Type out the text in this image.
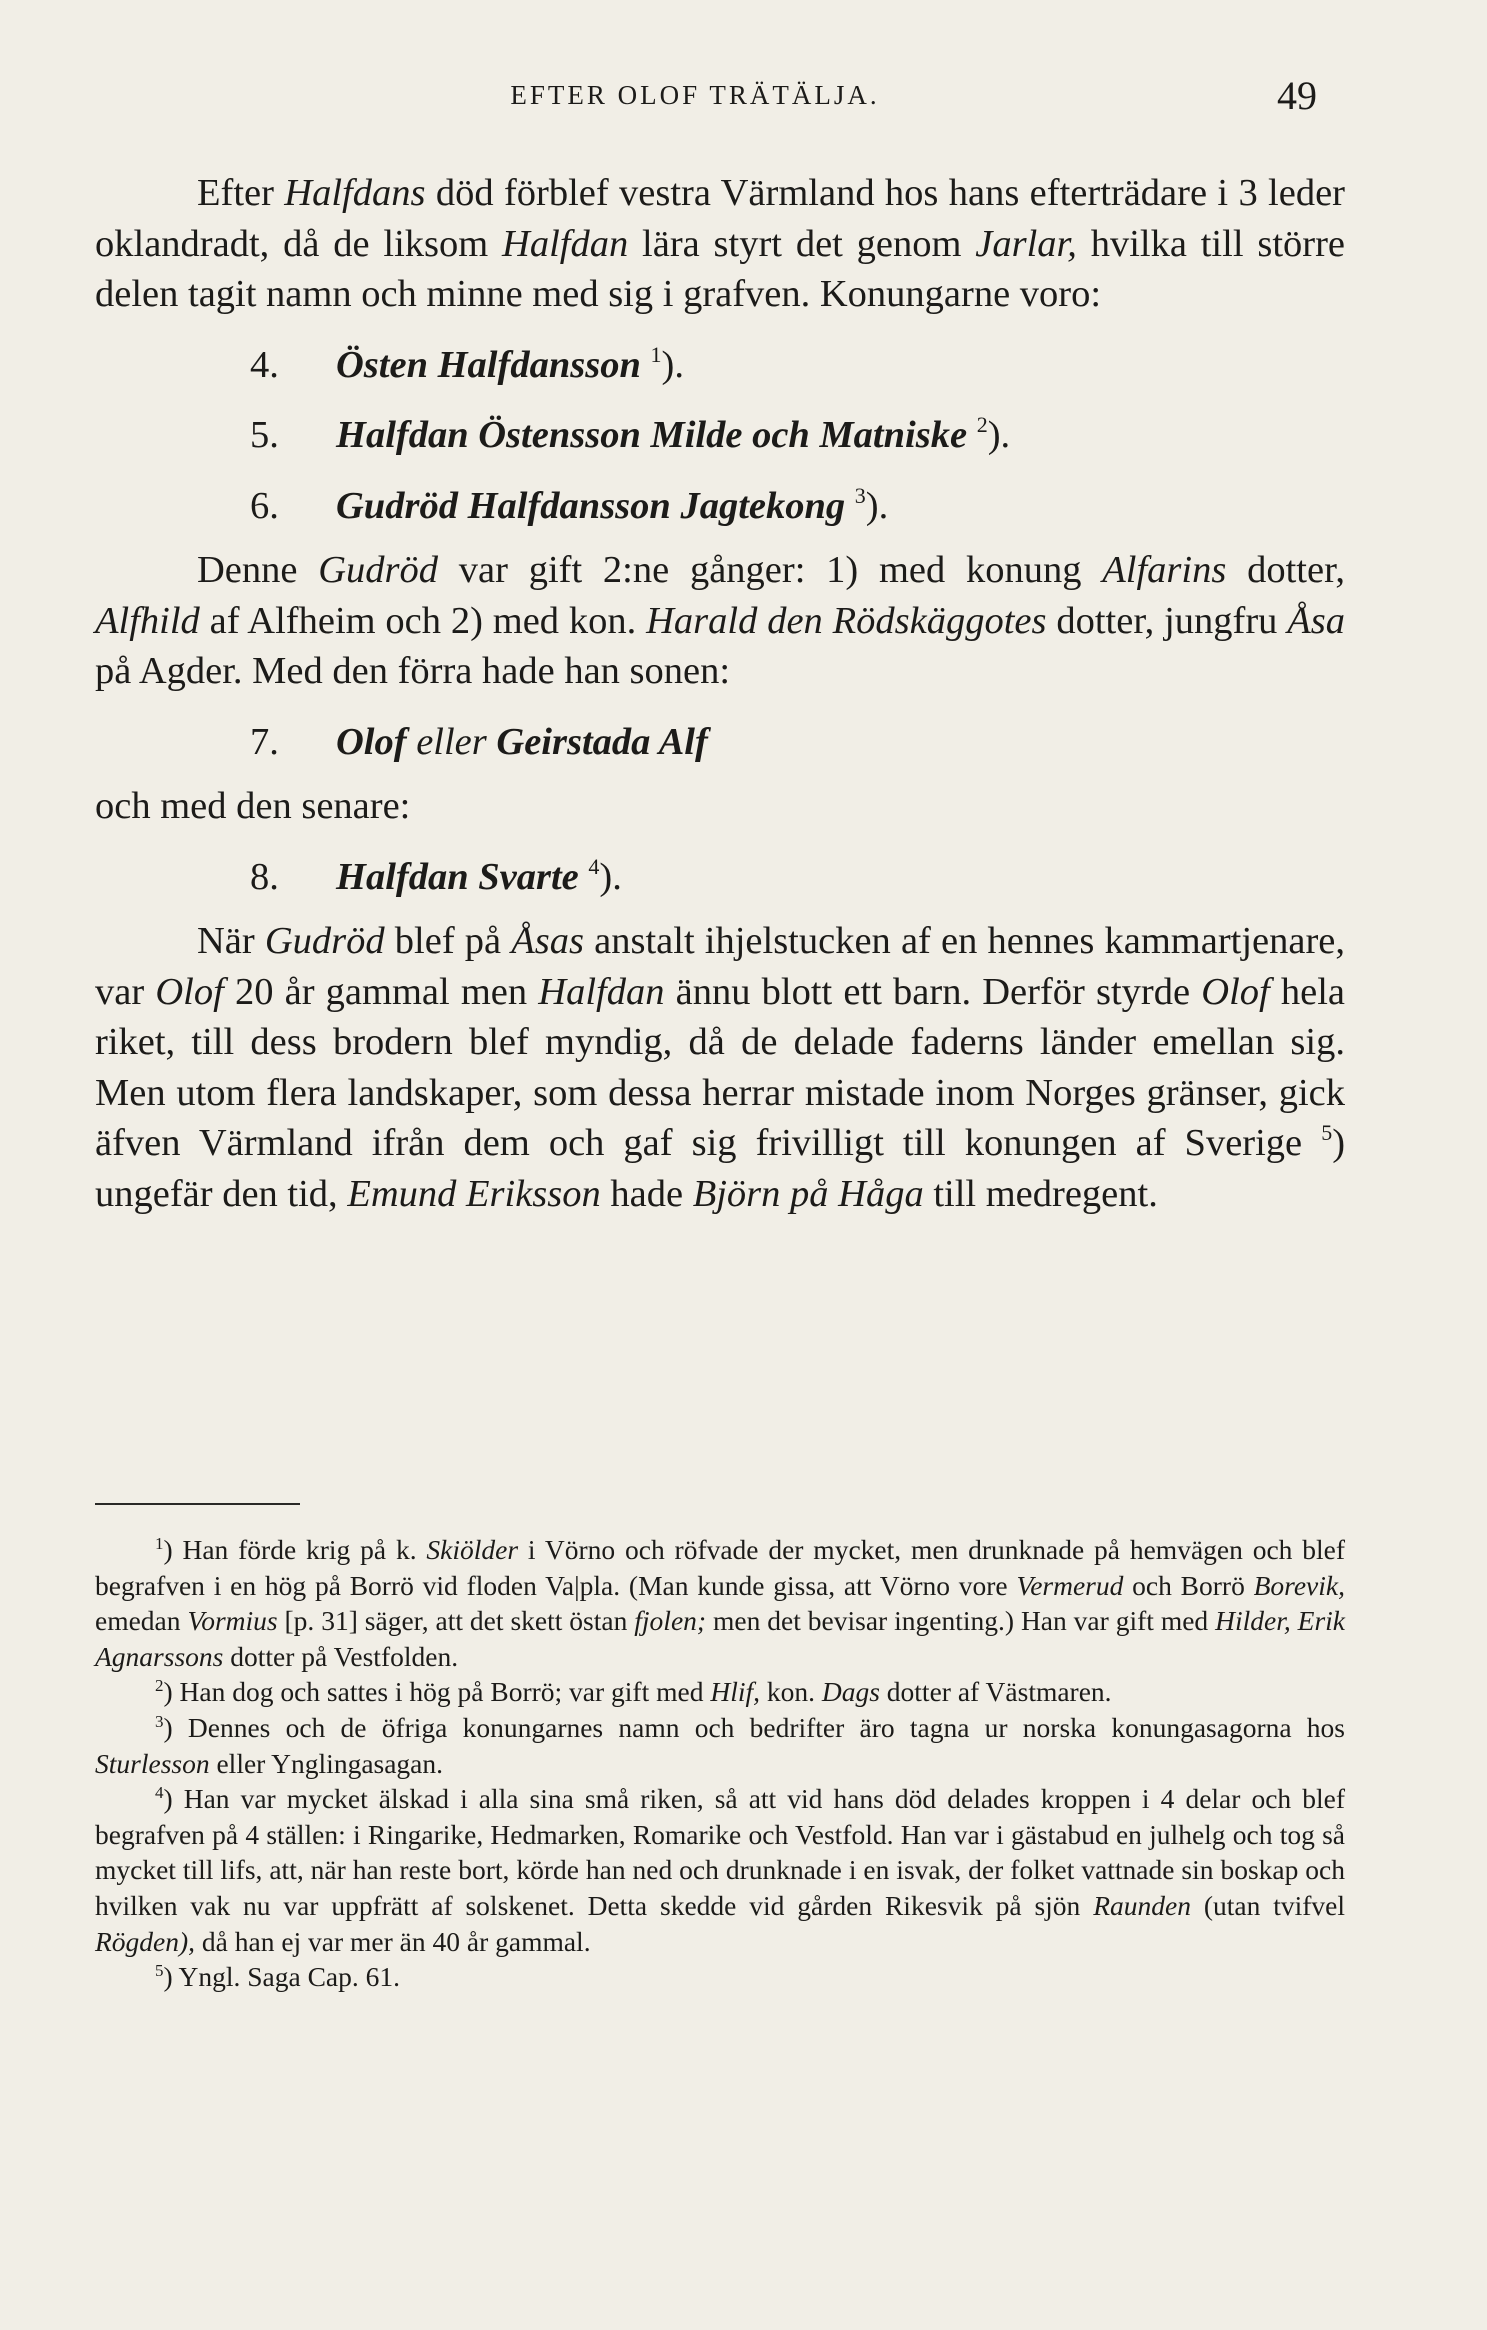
EFTER OLOF TRÄTÄLJA.	49

Efter Halfdans död förblef vestra Värmland hos hans efterträdare i 3 leder oklandradt, då de liksom Halfdan lära styrt det genom Jarlar, hvilka till större delen tagit namn och minne med sig i grafven. Konungarne voro:

4. Östen Halfdansson $^1$).
5. Halfdan Östensson Milde och Matniske $^2$).
6. Gudröd Halfdansson Jagtekong $^3$).

Denne Gudröd var gift 2:ne gånger: 1) med konung Alfarins dotter, Alfhild af Alfheim och 2) med kon. Harald den Rödskäggotes dotter, jungfru Åsa på Agder. Med den förra hade han sonen:

7. Olof eller Geirstada Alf

och med den senare:

8. Halfdan Svarte $^4$).

När Gudröd blef på Åsas anstalt ihjelstucken af en hennes kammartjenare, var Olof 20 år gammal men Halfdan ännu blott ett barn. Derför styrde Olof hela riket, till dess brodern blef myndig, då de delade faderns länder emellan sig. Men utom flera landskaper, som dessa herrar mistade inom Norges gränser, gick äfven Värmland ifrån dem och gaf sig frivilligt till konungen af Sverige $^5$) ungefär den tid, Emund Eriksson hade Björn på Håga till medregent.

$^1$) Han förde krig på k. Skiölder i Vörno och röfvade der mycket, men drunknade på hemvägen och blef begrafven i en hög på Borrö vid floden Va|pla. (Man kunde gissa, att Vörno vore Vermerud och Borrö Borevik, emedan Vormius [p. 31] säger, att det skett östan fjolen; men det bevisar ingenting.) Han var gift med Hilder, Erik Agnarssons dotter på Vestfolden.

$^2$) Han dog och sattes i hög på Borrö; var gift med Hlif, kon. Dags dotter af Västmaren.

$^3$) Dennes och de öfriga konungarnes namn och bedrifter äro tagna ur norska konungasagorna hos Sturlesson eller Ynglingasagan.

$^4$) Han var mycket älskad i alla sina små riken, så att vid hans död delades kroppen i 4 delar och blef begrafven på 4 ställen: i Ringarike, Hedmarken, Romarike och Vestfold. Han var i gästabud en julhelg och tog så mycket till lifs, att, när han reste bort, körde han ned och drunknade i en isvak, der folket vattnade sin boskap och hvilken vak nu var uppfrätt af solskenet. Detta skedde vid gården Rikesvik på sjön Raunden (utan tvifvel Rögden), då han ej var mer än 40 år gammal.

$^5$) Yngl. Saga Cap. 61.
